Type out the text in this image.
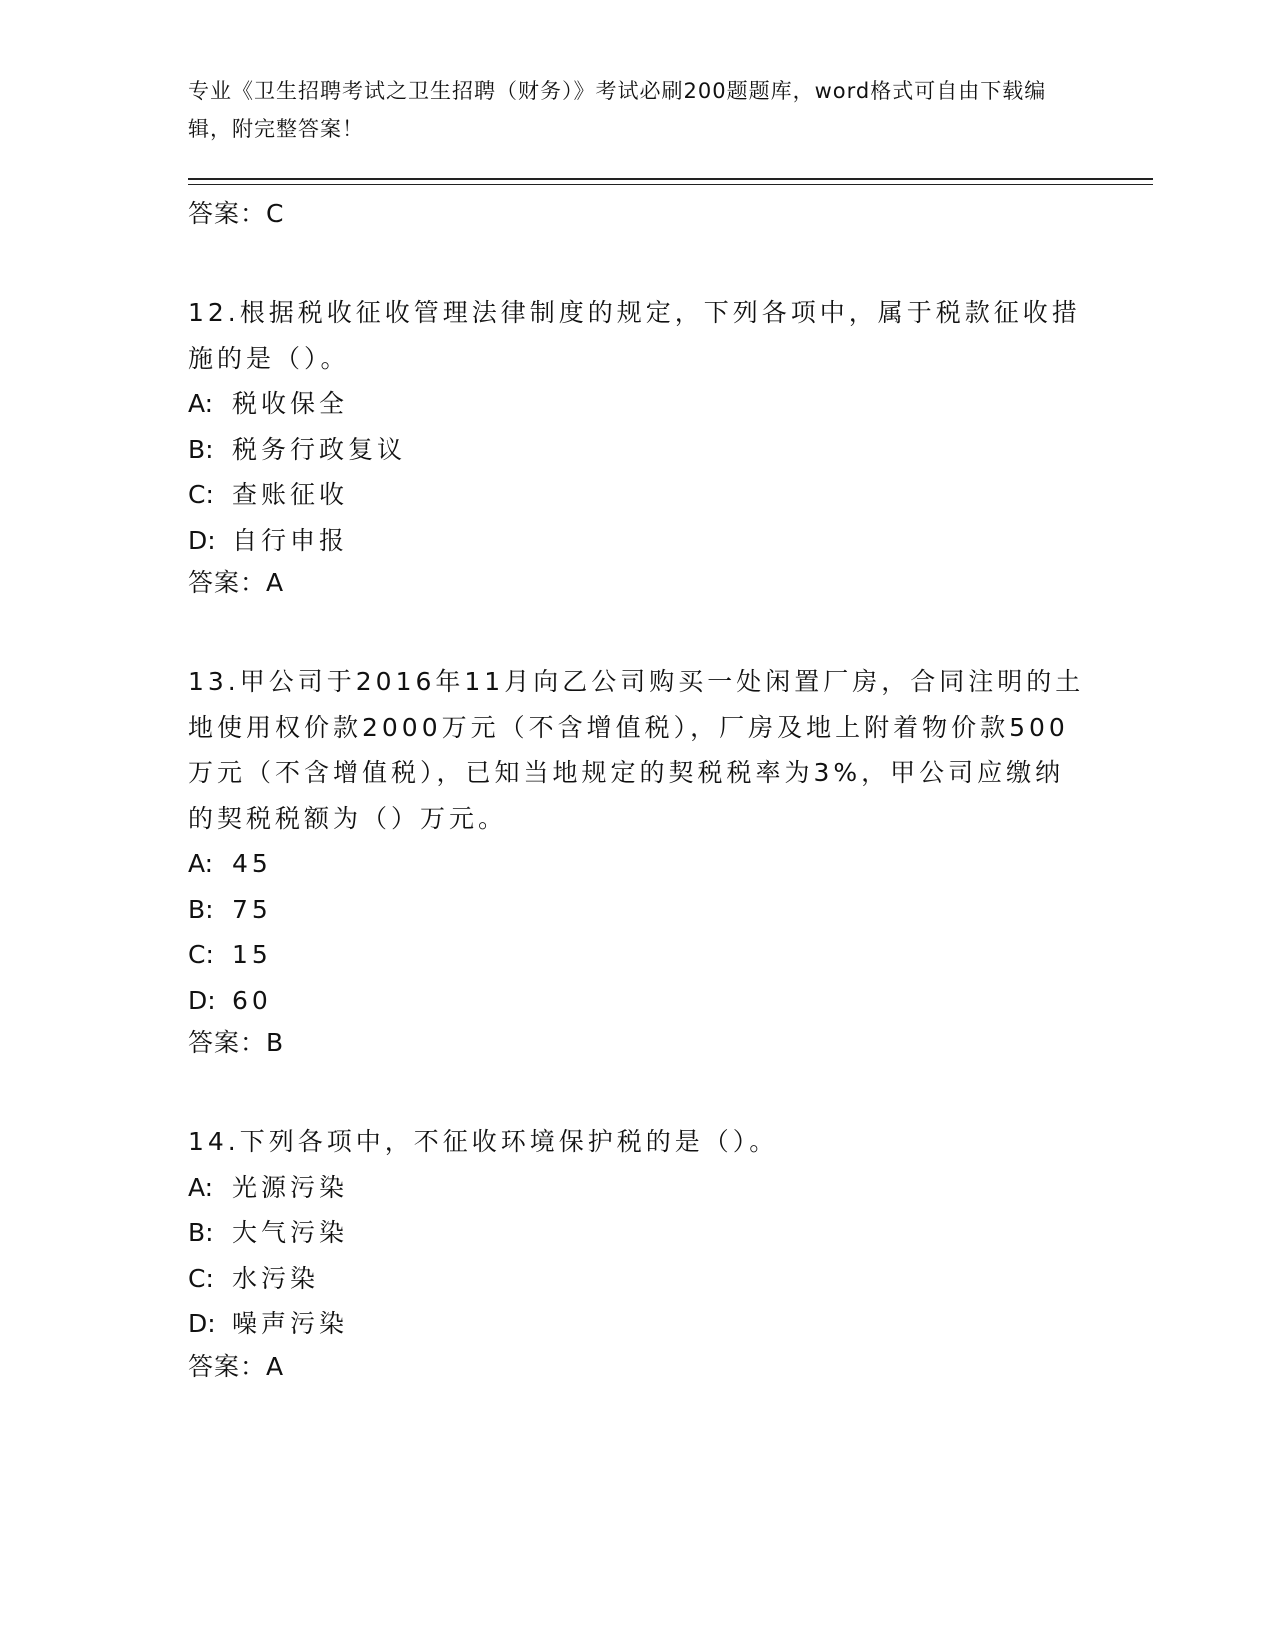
专业《卫生招聘考试之卫生招聘（财务）》考试必刷200题题库，word格式可自由下载编辑，附完整答案！
答案：C

12.根据税收征收管理法律制度的规定，下列各项中，属于税款征收措施的是（）。

A: 税收保全
B: 税务行政复议
C: 查账征收
D: 自行申报
答案：A

13.甲公司于2016年11月向乙公司购买一处闲置厂房，合同注明的土地使用权价款2000万元（不含增值税），厂房及地上附着物价款500万元（不含增值税），已知当地规定的契税税率为3%，甲公司应缴纳的契税税额为（）万元。

A: 45
B: 75
C: 15
D: 60
答案：B

14.下列各项中，不征收环境保护税的是（）。

A: 光源污染
B: 大气污染
C: 水污染
D: 噪声污染
答案：A
